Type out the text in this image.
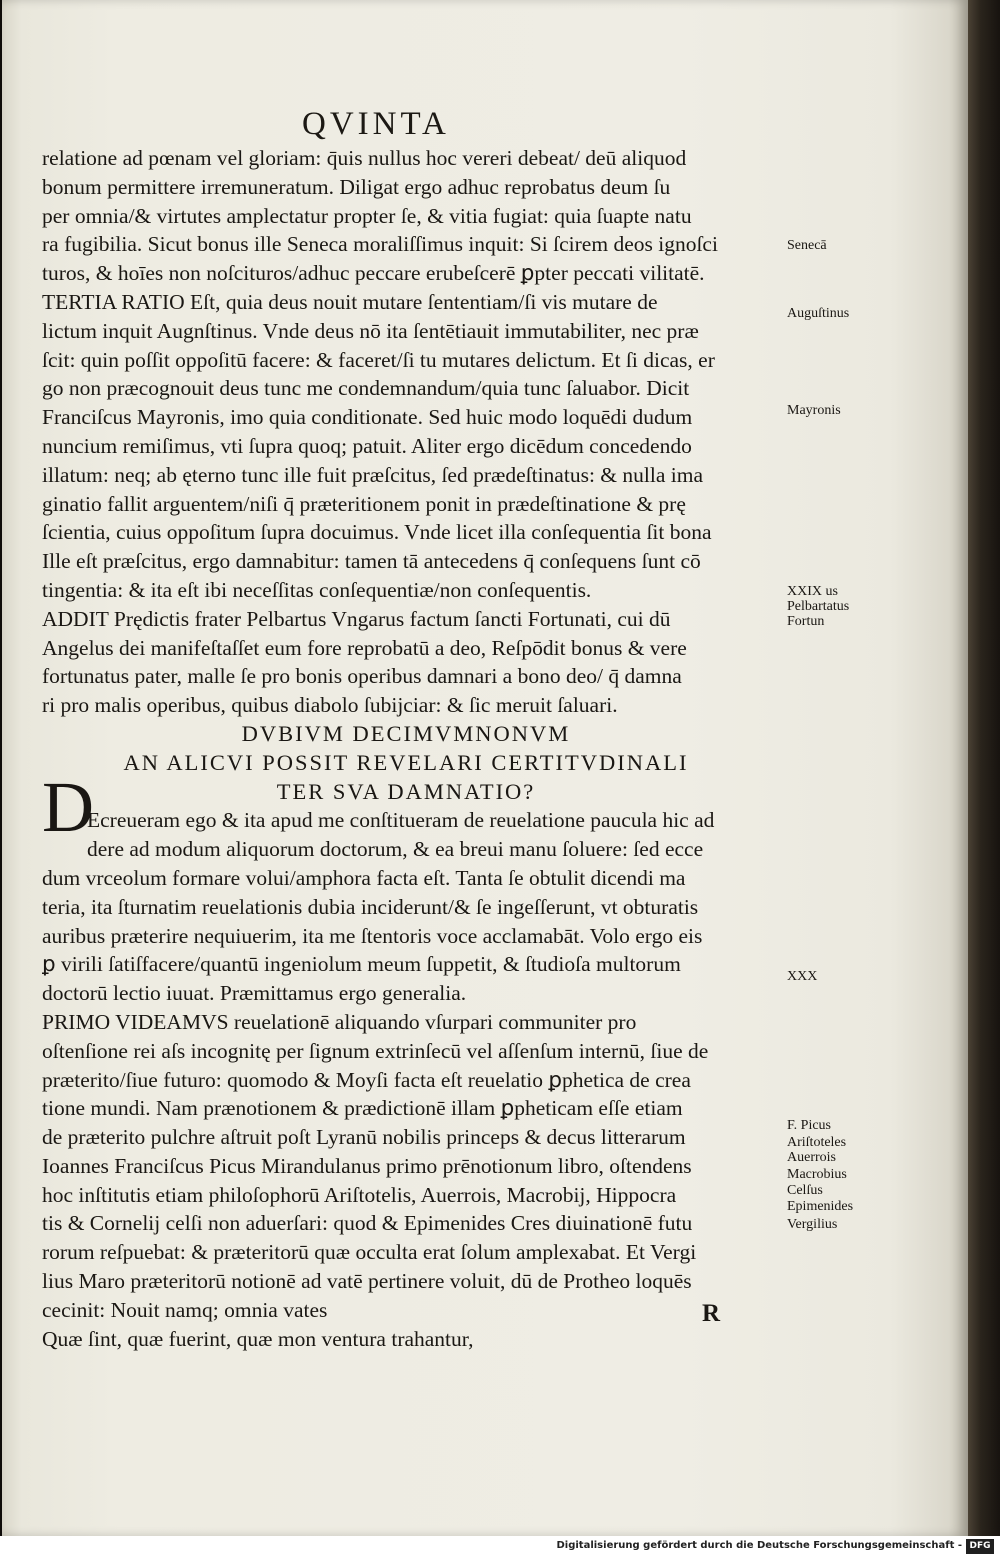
QVINTA
relatione ad pœnam vel gloriam: q̄uis nullus hoc vereri debeat/ deū aliquod
bonum permittere irremuneratum. Diligat ergo adhuc reprobatus deum ſu
per omnia/& virtutes amplectatur propter ſe, & vitia fugiat: quia ſuapte natu
ra fugibilia. Sicut bonus ille Seneca moraliſſimus inquit: Si ſcirem deos ignoſci
turos, & hoīes non noſcituros/adhuc peccare erubeſcerē ꝑpter peccati vilitatē.
TERTIA RATIO Eſt, quia deus nouit mutare ſententiam/ſi vis mutare de
lictum inquit Augnſtinus. Vnde deus nō ita ſentētiauit immutabiliter, nec præ
ſcit: quin poſſit oppoſitū facere: & faceret/ſi tu mutares delictum. Et ſi dicas, er
go non præcognouit deus tunc me condemnandum/quia tunc ſaluabor. Dicit
Franciſcus Mayronis, imo quia conditionate. Sed huic modo loquēdi dudum
nuncium remiſimus, vti ſupra quoq; patuit. Aliter ergo dicēdum concedendo
illatum: neq; ab ęterno tunc ille fuit præſcitus, ſed prædeſtinatus: & nulla ima
ginatio fallit arguentem/niſi q̄ præteritionem ponit in prædeſtinatione & prę
ſcientia, cuius oppoſitum ſupra docuimus. Vnde licet illa conſequentia ſit bona
Ille eſt præſcitus, ergo damnabitur: tamen tā antecedens q̄ conſequens ſunt cō
tingentia: & ita eſt ibi neceſſitas conſequentiæ/non conſequentis.
ADDIT Prędictis frater Pelbartus Vngarus factum ſancti Fortunati, cui dū
Angelus dei manifeſtaſſet eum fore reprobatū a deo, Reſpōdit bonus & vere
fortunatus pater, malle ſe pro bonis operibus damnari a bono deo/ q̄ damna
ri pro malis operibus, quibus diabolo ſubijciar: & ſic meruit ſaluari.
DVBIVM DECIMVMNONVM
AN ALICVI POSSIT REVELARI CERTITVDINALI
TER SVA DAMNATIO?
Ecreueram ego & ita apud me conſtitueram de reuelatione paucula hic ad
dere ad modum aliquorum doctorum, & ea breui manu ſoluere: ſed ecce
dum vrceolum formare volui/amphora facta eſt. Tanta ſe obtulit dicendi ma
teria, ita ſturnatim reuelationis dubia inciderunt/& ſe ingeſſerunt, vt obturatis
auribus præterire nequiuerim, ita me ſtentoris voce acclamabāt. Volo ergo eis
ꝑ virili ſatiſfacere/quantū ingeniolum meum ſuppetit, & ſtudioſa multorum
doctorū lectio iuuat. Præmittamus ergo generalia.
PRIMO VIDEAMVS reuelationē aliquando vſurpari communiter pro
oſtenſione rei aſs incognitę per ſignum extrinſecū vel aſſenſum internū, ſiue de
præterito/ſiue futuro: quomodo & Moyſi facta eſt reuelatio ꝑphetica de crea
tione mundi. Nam prænotionem & prædictionē illam ꝑpheticam eſſe etiam
de præterito pulchre aſtruit poſt Lyranū nobilis princeps & decus litterarum
Ioannes Franciſcus Picus Mirandulanus primo prēnotionum libro, oſtendens
hoc inſtitutis etiam philoſophorū Ariſtotelis, Auerrois, Macrobij, Hippocra
tis & Cornelij celſi non aduerſari: quod & Epimenides Cres diuinationē futu
rorum reſpuebat: & præteritorū quæ occulta erat ſolum amplexabat. Et Vergi
lius Maro præteritorū notionē ad vatē pertinere voluit, dū de Protheo loquēs
cecinit: Nouit namq; omnia vates
Quæ ſint, quæ fuerint, quæ mon ventura trahantur,
D
Senecā
Auguſtinus
Mayronis
XXIX us
Pelbartatus
Fortun
XXX
F. Picus
Ariſtoteles
Auerrois
Macrobius
Celſus
Epimenides
Vergilius
R
Digitalisierung gefördert durch die Deutsche Forschungsgemeinschaft - DFG
